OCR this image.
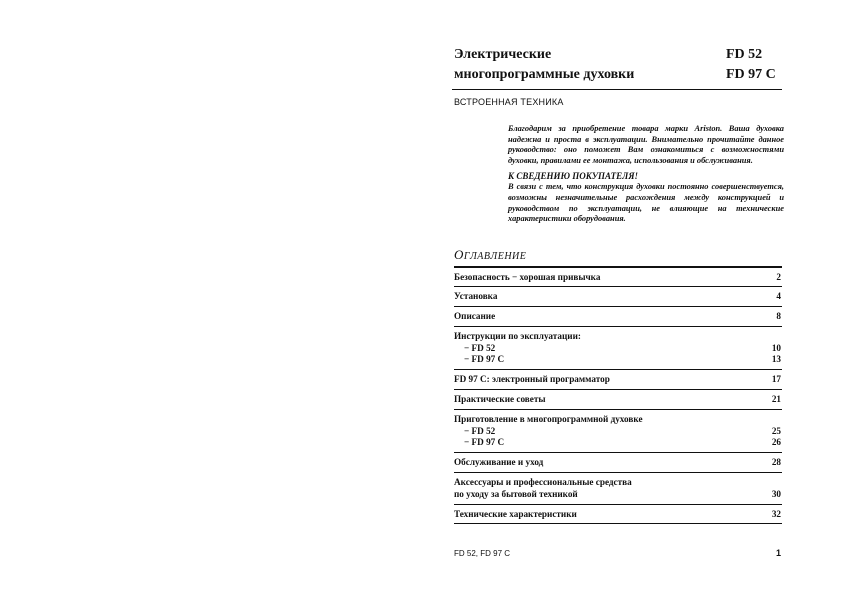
Электрические
многопрограммные духовки
FD 52
FD 97 C
ВСТРОЕННАЯ ТЕХНИКА

Благодарим за приобретение товара марки Ariston. Ваша духовка надежна и проста в эксплуатации. Внимательно прочитайте данное руководство: оно поможет Вам ознакомиться с возможностями духовки, правилами ее монтажа, использования и обслуживания.

К СВЕДЕНИЮ ПОКУПАТЕЛЯ!

В связи с тем, что конструкция духовки постоянно совершенствуется, возможны незначительные расхождения между конструкцией и руководством по эксплуатации, не влияющие на технические характеристики оборудования.

ОГЛАВЛЕНИЕ
Безопасность − хорошая привычка	2
Установка	4
Описание	8
Инструкции по эксплуатации:
− FD 52	10
− FD 97 C	13
FD 97 C: электронный программатор	17
Практические советы	21
Приготовление в многопрограммной духовке
− FD 52	25
− FD 97 C	26
Обслуживание и уход	28
Аксессуары и профессиональные средства
по уходу за бытовой техникой	30
Технические характеристики	32
FD 52, FD 97 C	1
